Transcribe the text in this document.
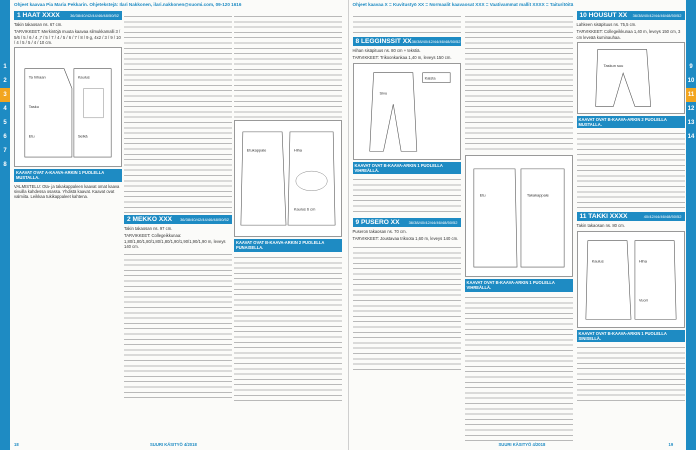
1
2
3
4
5
6
7
8
Ohjeet kaavaa Pia Maria Pekkarin. Ohjetekstejä: Ilari Nakkonen, ilari.nakkonen@suomi.com, 09-120 1616
1 HAAT XXXX	36/38/40/42/44/46/48/50/52
Takin takaosan ns. 67 cm.
TARVIKKEET: Merkintöjä muuta kaavaa silmukkamalli 3 / 5/6 / 5 / 6 / 4 ,7 / 5 / 7 / 4 / 5 / 6 / 7 / 8 / 9 g, 4x2 / 3 / 9 / 10 / 4 / 5 / 5 / 4 / 10 cm.
Ta hihaan
Tasku
Etu
Kaulus
Selkä
KAAVAT OVAT A-KAAVA-ARKIN 1 PUOLELLA MUSTALLA.
VALMISTELU: Ota- ja takakappaleen kaavat omat kaava sivuilla kahdessa osassa. Yhdistä kaavat. Kaavat ovat valmiita. Leikkaa tukikappaleet kahtena.

2 MEKKO XXX 36/38/40/42/44/46/48/50/52
Takin takaosan ns. 97 cm.
TARVIKKEET: Collegeikkunaa: 1,80/1,80/1,80/1,80/1,80/1,90/1,90/1,90/1,90 m, leveys 140 cm.
Etukappale	Hiha
Kaulus 6 cm
KAAVAT OVAT B-KAAVA-ARKIN 2 PUOLELLA PUNAISELLA.
18	SUURI KÄSITYÖ 4/2018
9
10
11
12
13
14
Ohjeet kaavaa X = Kuvitustyö XX = Normaalit kaavaosat XXX = Vaativammat mallit XXXX = Taituritöitä
8 LEGGINSSIT XX 36/38/40/42/44/46/48/50/52
Hihan sisäpituus ns. 80 cm + tekstiä.
TARVIKKEET: Trikoonkankaa 1,40 m, leveys 150 cm.
Kaista
Sivu
KAAVAT OVAT B-KAAVA-ARKIN 1 PUOLELLA VIHREÄLLÄ.
9 PUSERO XX 36/38/40/42/44/46/48/50/52
Puseron takaosan ns. 70 cm.
TARVIKKEET: Joustavaa trikoota 1,60 m, leveys 140 cm.
Etu	Takakappale
KAAVAT OVAT B-KAAVA-ARKIN 1 PUOLELLA VIHREÄLLÄ.
10 HOUSUT XX 36/38/40/42/44/46/48/50/52
Lahkeen sisäpituus ns. 75,5 cm.
TARVIKKEET: Collegeikkunaa 1,40 m, leveys 150 cm, 3 cm leveää kuminauhaa.
Taskun suu
KAAVAT OVAT B-KAAVA-ARKIN 2 PUOLELLA MUSTALLA.
11 TAKKI XXXX	40/42/44/46/48/50/52
Takin takaosan ns. 80 cm.
Kaulus	Hiha
Vuori
KAAVAT OVAT B-KAAVA-ARKIN 1 PUOLELLA SINISELLÄ.
SUURI KÄSITYÖ 4/2018	19
